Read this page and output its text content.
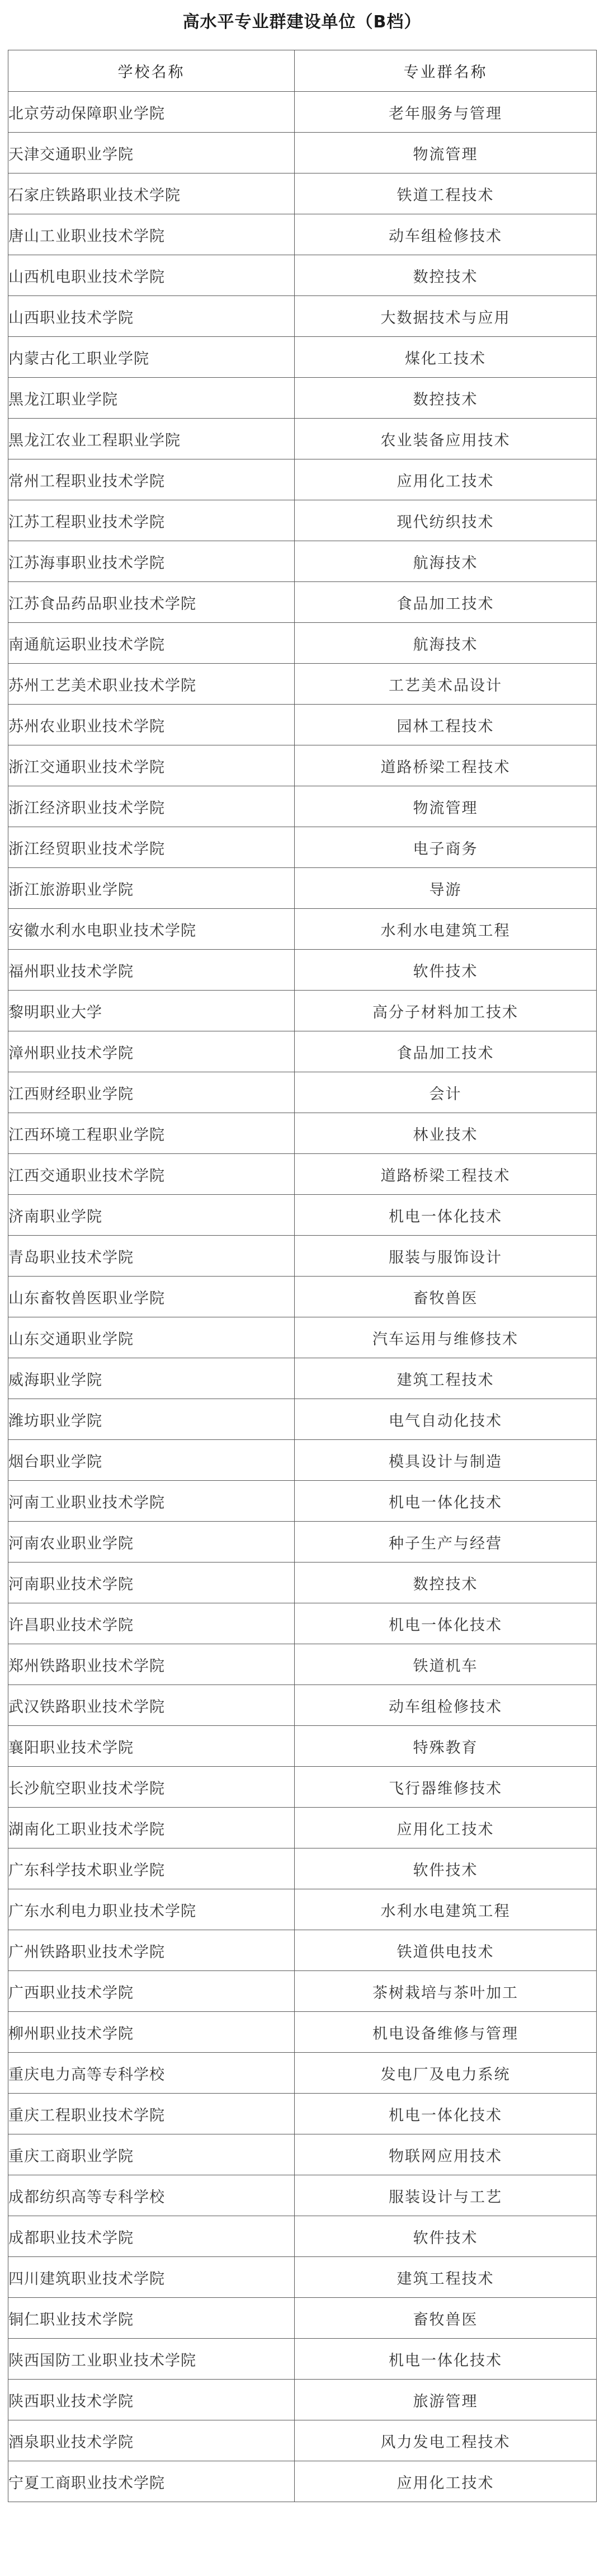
高水平专业群建设单位（B档）
学校名称	专业群名称
北京劳动保障职业学院	老年服务与管理
天津交通职业学院	物流管理
石家庄铁路职业技术学院	铁道工程技术
唐山工业职业技术学院	动车组检修技术
山西机电职业技术学院	数控技术
山西职业技术学院	大数据技术与应用
内蒙古化工职业学院	煤化工技术
黑龙江职业学院	数控技术
黑龙江农业工程职业学院	农业装备应用技术
常州工程职业技术学院	应用化工技术
江苏工程职业技术学院	现代纺织技术
江苏海事职业技术学院	航海技术
江苏食品药品职业技术学院	食品加工技术
南通航运职业技术学院	航海技术
苏州工艺美术职业技术学院	工艺美术品设计
苏州农业职业技术学院	园林工程技术
浙江交通职业技术学院	道路桥梁工程技术
浙江经济职业技术学院	物流管理
浙江经贸职业技术学院	电子商务
浙江旅游职业学院	导游
安徽水利水电职业技术学院	水利水电建筑工程
福州职业技术学院	软件技术
黎明职业大学	高分子材料加工技术
漳州职业技术学院	食品加工技术
江西财经职业学院	会计
江西环境工程职业学院	林业技术
江西交通职业技术学院	道路桥梁工程技术
济南职业学院	机电一体化技术
青岛职业技术学院	服装与服饰设计
山东畜牧兽医职业学院	畜牧兽医
山东交通职业学院	汽车运用与维修技术
威海职业学院	建筑工程技术
潍坊职业学院	电气自动化技术
烟台职业学院	模具设计与制造
河南工业职业技术学院	机电一体化技术
河南农业职业学院	种子生产与经营
河南职业技术学院	数控技术
许昌职业技术学院	机电一体化技术
郑州铁路职业技术学院	铁道机车
武汉铁路职业技术学院	动车组检修技术
襄阳职业技术学院	特殊教育
长沙航空职业技术学院	飞行器维修技术
湖南化工职业技术学院	应用化工技术
广东科学技术职业学院	软件技术
广东水利电力职业技术学院	水利水电建筑工程
广州铁路职业技术学院	铁道供电技术
广西职业技术学院	茶树栽培与茶叶加工
柳州职业技术学院	机电设备维修与管理
重庆电力高等专科学校	发电厂及电力系统
重庆工程职业技术学院	机电一体化技术
重庆工商职业学院	物联网应用技术
成都纺织高等专科学校	服装设计与工艺
成都职业技术学院	软件技术
四川建筑职业技术学院	建筑工程技术
铜仁职业技术学院	畜牧兽医
陕西国防工业职业技术学院	机电一体化技术
陕西职业技术学院	旅游管理
酒泉职业技术学院	风力发电工程技术
宁夏工商职业技术学院	应用化工技术
